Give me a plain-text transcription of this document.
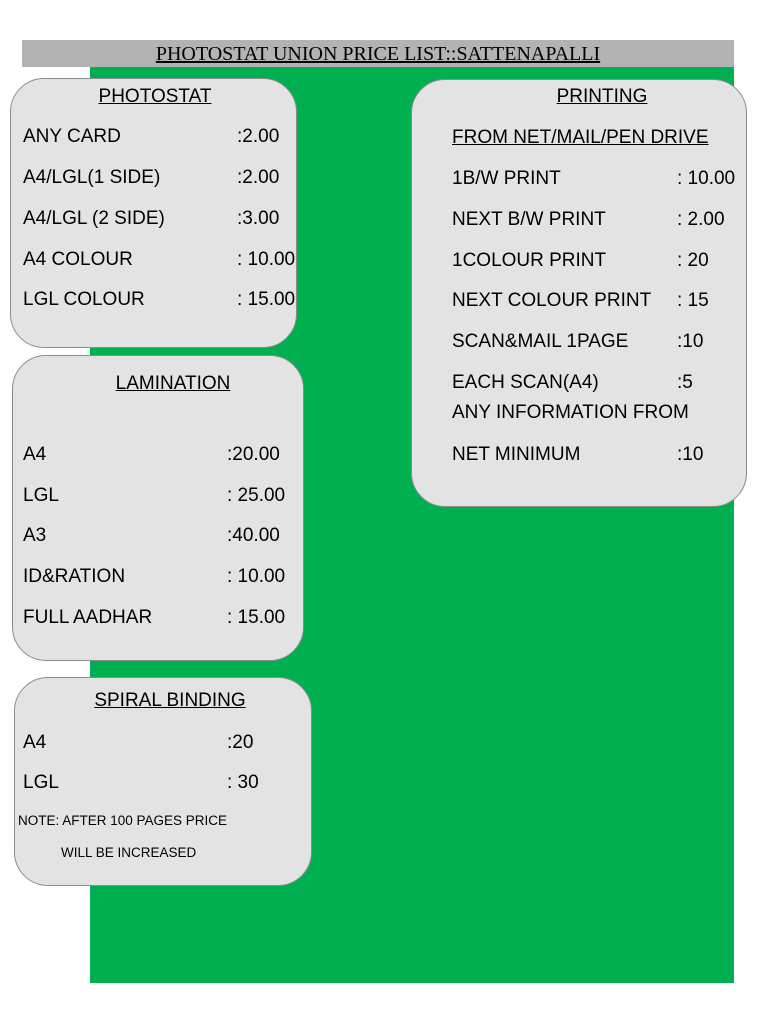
PHOTOSTAT UNION PRICE LIST::SATTENAPALLI
PHOTOSTAT
ANY CARD	:2.00
A4/LGL(1 SIDE)	:2.00
A4/LGL (2 SIDE)	:3.00
A4 COLOUR	: 10.00
LGL COLOUR	: 15.00
LAMINATION
A4	:20.00
LGL	: 25.00
A3	:40.00
ID&RATION	: 10.00
FULL AADHAR	: 15.00
SPIRAL BINDING
A4	:20
LGL	: 30
NOTE: AFTER 100 PAGES PRICE
WILL BE INCREASED
PRINTING
FROM NET/MAIL/PEN DRIVE
1B/W PRINT	: 10.00
NEXT B/W PRINT	: 2.00
1COLOUR PRINT	: 20
NEXT COLOUR PRINT : 15
SCAN&MAIL 1PAGE	:10
EACH SCAN(A4)	:5
ANY INFORMATION FROM
NET MINIMUM	:10
